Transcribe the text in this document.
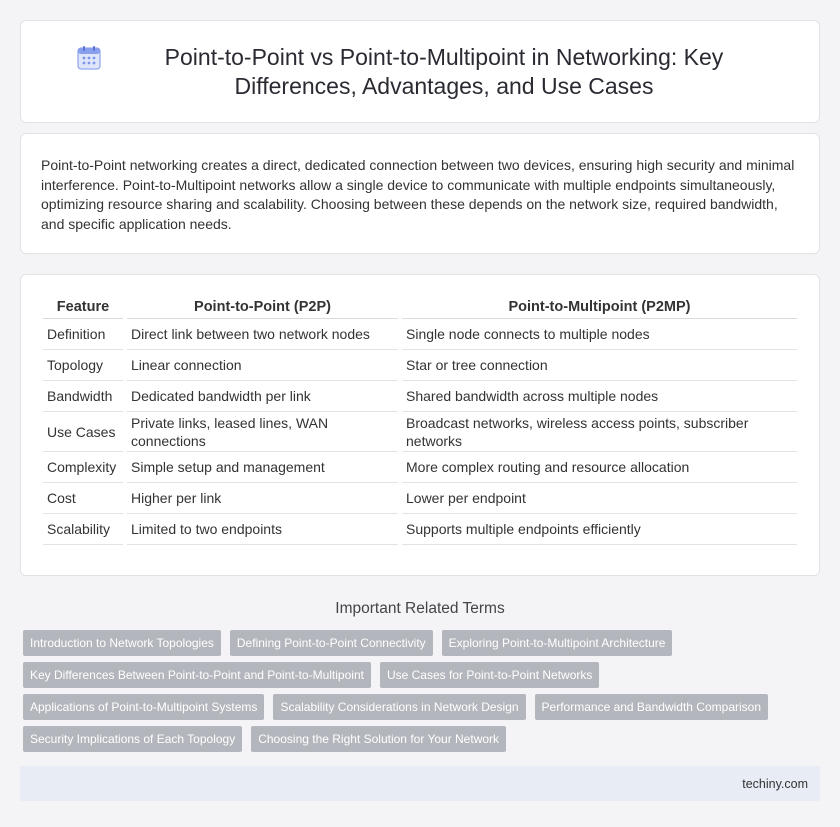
Point-to-Point vs Point-to-Multipoint in Networking: Key Differences, Advantages, and Use Cases

Point-to-Point networking creates a direct, dedicated connection between two devices, ensuring high security and minimal interference. Point-to-Multipoint networks allow a single device to communicate with multiple endpoints simultaneously, optimizing resource sharing and scalability. Choosing between these depends on the network size, required bandwidth, and specific application needs.

Feature	Point-to-Point (P2P)	Point-to-Multipoint (P2MP)
Definition	Direct link between two network nodes	Single node connects to multiple nodes
Topology	Linear connection	Star or tree connection
Bandwidth	Dedicated bandwidth per link	Shared bandwidth across multiple nodes
Use Cases	Private links, leased lines, WAN connections	Broadcast networks, wireless access points, subscriber networks
Complexity	Simple setup and management	More complex routing and resource allocation
Cost	Higher per link	Lower per endpoint
Scalability	Limited to two endpoints	Supports multiple endpoints efficiently
Important Related Terms
Introduction to Network Topologies	Defining Point-to-Point Connectivity	Exploring Point-to-Multipoint Architecture
Key Differences Between Point-to-Point and Point-to-Multipoint	Use Cases for Point-to-Point Networks
Applications of Point-to-Multipoint Systems	Scalability Considerations in Network Design	Performance and Bandwidth Comparison
Security Implications of Each Topology	Choosing the Right Solution for Your Network
techiny.com
